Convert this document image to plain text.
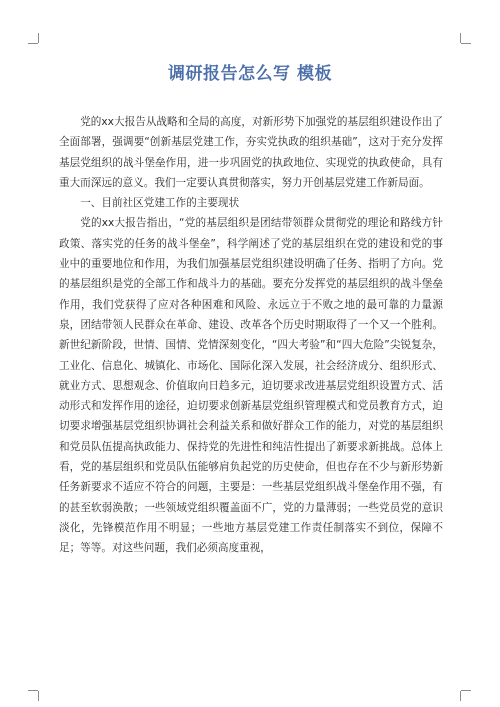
调研报告怎么写 模板

党的xx大报告从战略和全局的高度，对新形势下加强党的基层组织建设作出了全面部署，强调要“创新基层党建工作，夯实党执政的组织基础”，这对于充分发挥基层党组织的战斗堡垒作用，进一步巩固党的执政地位、实现党的执政使命，具有重大而深远的意义。我们一定要认真贯彻落实，努力开创基层党建工作新局面。

一、目前社区党建工作的主要现状

党的xx大报告指出，“党的基层组织是团结带领群众贯彻党的理论和路线方针政策、落实党的任务的战斗堡垒”，科学阐述了党的基层组织在党的建设和党的事业中的重要地位和作用，为我们加强基层党组织建设明确了任务、指明了方向。党的基层组织是党的全部工作和战斗力的基础。要充分发挥党的基层组织的战斗堡垒作用，我们党获得了应对各种困难和风险、永远立于不败之地的最可靠的力量源泉，团结带领人民群众在革命、建设、改革各个历史时期取得了一个又一个胜利。新世纪新阶段，世情、国情、党情深刻变化，“四大考验”和“四大危险”尖锐复杂，工业化、信息化、城镇化、市场化、国际化深入发展，社会经济成分、组织形式、就业方式、思想观念、价值取向日趋多元，迫切要求改进基层党组织设置方式、活动形式和发挥作用的途径，迫切要求创新基层党组织管理模式和党员教育方式，迫切要求增强基层党组织协调社会利益关系和做好群众工作的能力，对党的基层组织和党员队伍提高执政能力、保持党的先进性和纯洁性提出了新要求新挑战。总体上看，党的基层组织和党员队伍能够肩负起党的历史使命，但也存在不少与新形势新任务新要求不适应不符合的问题，主要是：一些基层党组织战斗堡垒作用不强，有的甚至软弱涣散；一些领域党组织覆盖面不广，党的力量薄弱；一些党员党的意识淡化，先锋模范作用不明显；一些地方基层党建工作责任制落实不到位，保障不足；等等。对这些问题，我们必须高度重视，
